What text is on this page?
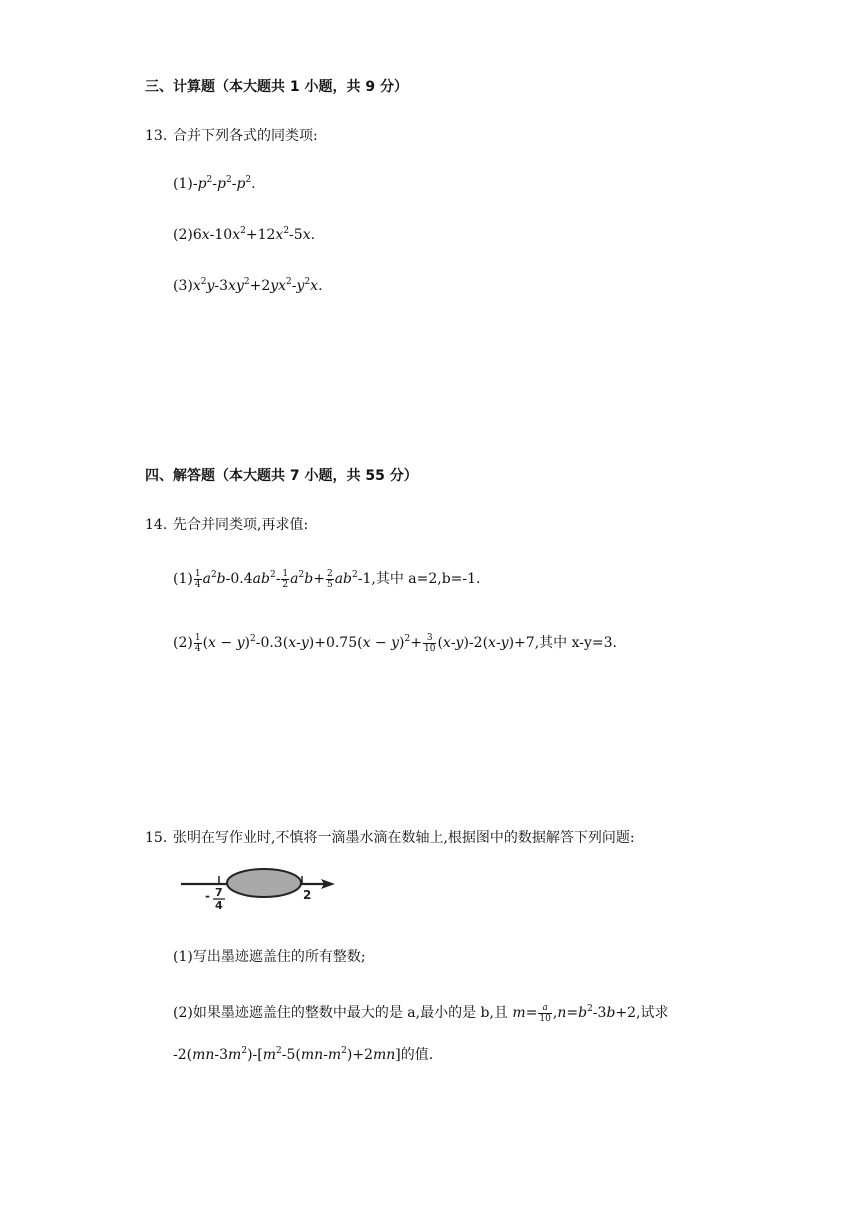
三、计算题（本大题共 1 小题，共 9 分）
13. 合并下列各式的同类项:
$(1)-p^2-p^2-p^2$.
$(2)6x-10x^2+12x^2-5x$.
$(3)x^2y-3xy^2+2yx^2-y^2x$.
四、解答题（本大题共 7 小题，共 55 分）
14. 先合并同类项,再求值:
$(1) \frac{1}{4} a^2b-0.4ab^2- \frac{1}{2} a^2b+ \frac{2}{5} ab^2-1$,其中 a=2,b=-1.
$(2) \frac{1}{4} (x - y)^2-0.3(x-y)+0.75(x - y)^2+ \frac{3}{10} (x-y)-2(x-y)+7$,其中 x-y=3.
15. 张明在写作业时,不慎将一滴墨水滴在数轴上,根据图中的数据解答下列问题:
- 7
4
2
(1)写出墨迹遮盖住的所有整数;
(2)如果墨迹遮盖住的整数中最大的是 a,最小的是 b,且 $m= \frac{a}{10} ,n=b^2-3b+2$,试求
$-2(mn-3m^2)-[m^2-5(mn-m^2)+2mn]$的值.
